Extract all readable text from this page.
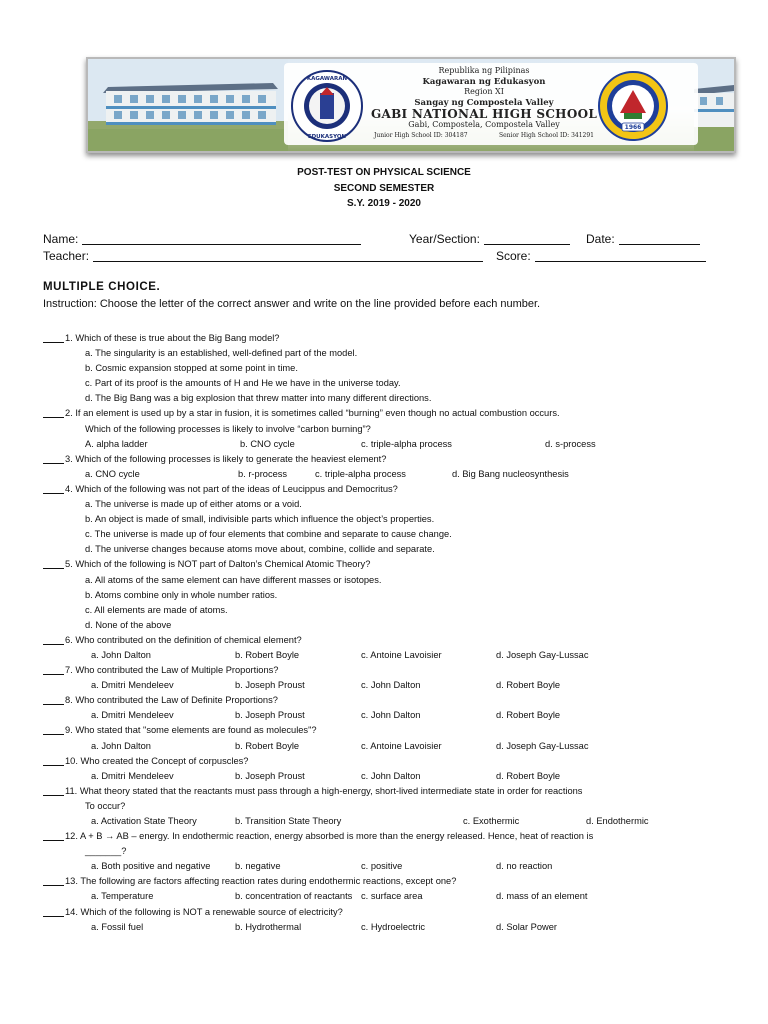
KAGAWARAN
EDUKASYON
1966
Republika ng Pilipinas
Kagawaran ng Edukasyon
Region XI
Sangay ng Compostela Valley
GABI NATIONAL HIGH SCHOOL
Gabi, Compostela, Compostela Valley
Junior High School ID: 304187	Senior High School ID: 341291
POST-TEST ON PHYSICAL SCIENCE
SECOND SEMESTER
S.Y. 2019 - 2020
Name:	Year/Section:	Date:
Teacher:	Score:
MULTIPLE CHOICE.
Instruction: Choose the letter of the correct answer and write on the line provided before each number.
1. Which of these is true about the Big Bang model?
a. The singularity is an established, well-defined part of the model.
b. Cosmic expansion stopped at some point in time.
c. Part of its proof is the amounts of H and He we have in the universe today.
d. The Big Bang was a big explosion that threw matter into many different directions.
2. If an element is used up by a star in fusion, it is sometimes called “burning” even though no actual combustion occurs.
Which of the following processes is likely to involve “carbon burning”?
A. alpha ladder	b. CNO cycle	c. triple-alpha process	d. s-process
3. Which of the following processes is likely to generate the heaviest element?
a. CNO cycle	b. r-process	c. triple-alpha process	d. Big Bang nucleosynthesis
4. Which of the following was not part of the ideas of Leucippus and Democritus?
a. The universe is made up of either atoms or a void.
b. An object is made of small, indivisible parts which influence the object’s properties.
c. The universe is made up of four elements that combine and separate to cause change.
d. The universe changes because atoms move about, combine, collide and separate.
5. Which of the following is NOT part of Dalton’s Chemical Atomic Theory?
a. All atoms of the same element can have different masses or isotopes.
b. Atoms combine only in whole number ratios.
c. All elements are made of atoms.
d. None of the above
6. Who contributed on the definition of chemical element?
a. John Dalton	b. Robert Boyle	c. Antoine Lavoisier	d. Joseph Gay-Lussac
7. Who contributed the Law of Multiple Proportions?
a. Dmitri Mendeleev	b. Joseph Proust	c. John Dalton	d. Robert Boyle
8. Who contributed the Law of Definite Proportions?
a. Dmitri Mendeleev	b. Joseph Proust	c. John Dalton	d. Robert Boyle
9. Who stated that "some elements are found as molecules"?
a. John Dalton	b. Robert Boyle	c. Antoine Lavoisier	d. Joseph Gay-Lussac
10. Who created the Concept of corpuscles?
a. Dmitri Mendeleev	b. Joseph Proust	c. John Dalton	d. Robert Boyle
11. What theory stated that the reactants must pass through a high-energy, short-lived intermediate state in order for reactions
To occur?
a. Activation State Theory	b. Transition State Theory	c. Exothermic	d. Endothermic
12. A + B → AB – energy. In endothermic reaction, energy absorbed is more than the energy released. Hence, heat of reaction is
_______?
a. Both positive and negative	b. negative	c. positive	d. no reaction
13. The following are factors affecting reaction rates during endothermic reactions, except one?
a. Temperature	b. concentration of reactants c. surface area	d. mass of an element
14. Which of the following is NOT a renewable source of electricity?
a. Fossil fuel	b. Hydrothermal	c. Hydroelectric	d. Solar Power
